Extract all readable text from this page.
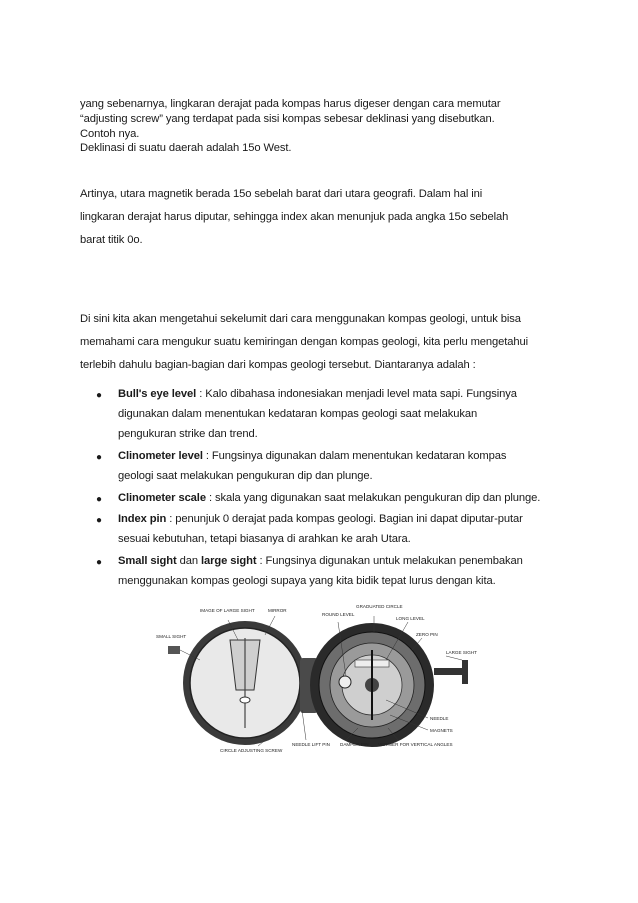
yang sebenarnya, lingkaran derajat pada kompas harus digeser dengan cara memutar
“adjusting screw” yang terdapat pada sisi kompas sebesar deklinasi yang disebutkan.
Contoh nya.
Deklinasi di suatu daerah adalah 15o West.
Artinya, utara magnetik berada 15o sebelah barat dari utara geografi. Dalam hal ini
lingkaran derajat harus diputar, sehingga index akan menunjuk pada angka 15o sebelah
barat titik 0o.
Di sini kita akan mengetahui sekelumit dari cara menggunakan kompas geologi, untuk bisa
memahami cara mengukur suatu kemiringan dengan kompas geologi, kita perlu mengetahui
terlebih dahulu bagian-bagian dari kompas geologi tersebut. Diantaranya adalah :
● Bull's eye level : Kalo dibahasa indonesiakan menjadi level mata sapi. Fungsinya
digunakan dalam menentukan kedataran kompas geologi saat melakukan
pengukuran strike dan trend.
● Clinometer level : Fungsinya digunakan dalam menentukan kedataran kompas
geologi saat melakukan pengukuran dip dan plunge.
● Clinometer scale : skala yang digunakan saat melakukan pengukuran dip dan plunge.
● Index pin : penunjuk 0 derajat pada kompas geologi. Bagian ini dapat diputar-putar
sesuai kebutuhan, tetapi biasanya di arahkan ke arah Utara.
● Small sight dan large sight : Fungsinya digunakan untuk melakukan penembakan
menggunakan kompas geologi supaya yang kita bidik tepat lurus dengan kita.
SMALL SIGHT
IMAGE OF LARGE SIGHT	MIRROR
ROUND LEVEL
GRADUATED CIRCLE
LONG LEVEL
ZERO PIN
LARGE SIGHT
NEEDLE
MAGNETS
VERNIER FOR VERTICAL ANGLES
DAMPER PIN
NEEDLE LIFT PIN
CIRCLE ADJUSTING SCREW
